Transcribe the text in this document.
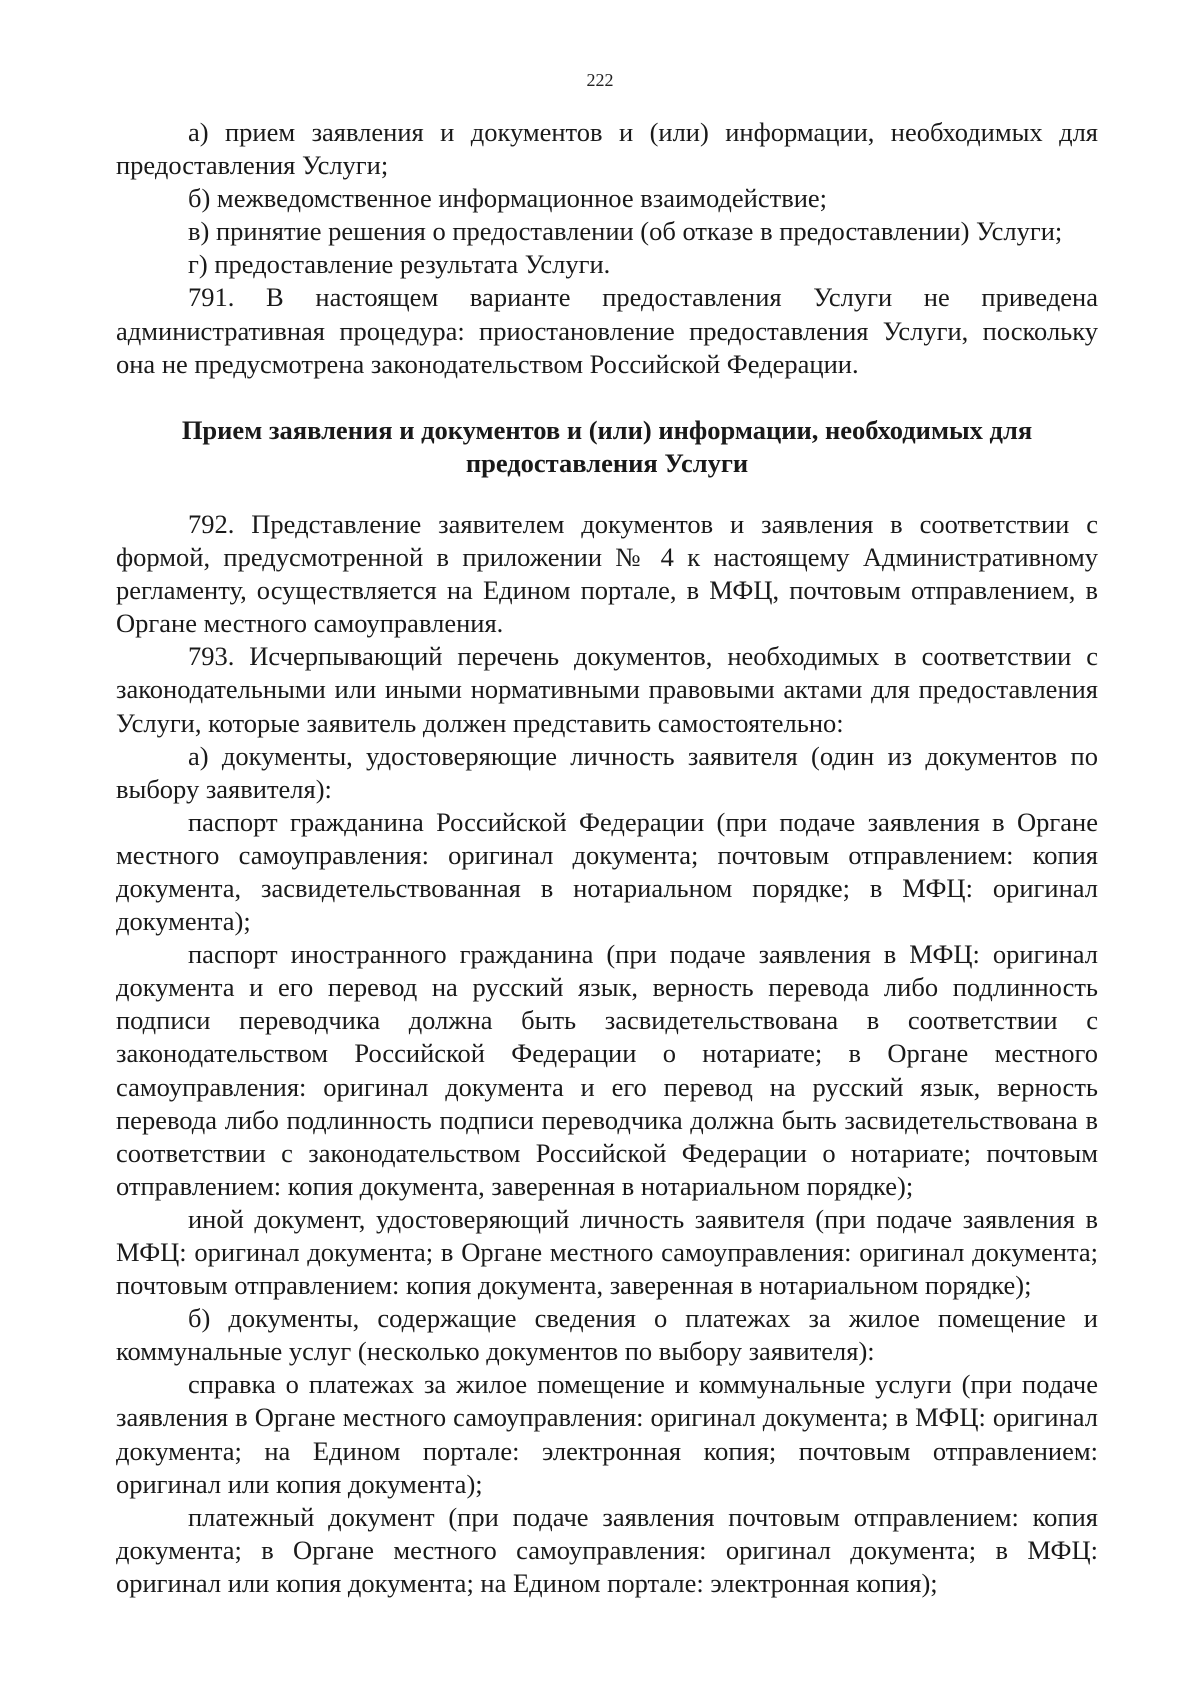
222

а) прием заявления и документов и (или) информации, необходимых для предоставления Услуги;

б) межведомственное информационное взаимодействие;

в) принятие решения о предоставлении (об отказе в предоставлении) Услуги;

г) предоставление результата Услуги.

791. В настоящем варианте предоставления Услуги не приведена административная процедура: приостановление предоставления Услуги, поскольку она не предусмотрена законодательством Российской Федерации.

Прием заявления и документов и (или) информации, необходимых для
предоставления Услуги

792. Представление заявителем документов и заявления в соответствии с формой, предусмотренной в приложении № 4 к настоящему Административному регламенту, осуществляется на Едином портале, в МФЦ, почтовым отправлением, в Органе местного самоуправления.

793. Исчерпывающий перечень документов, необходимых в соответствии с законодательными или иными нормативными правовыми актами для предоставления Услуги, которые заявитель должен представить самостоятельно:

а) документы, удостоверяющие личность заявителя (один из документов по выбору заявителя):

паспорт гражданина Российской Федерации (при подаче заявления в Органе местного самоуправления: оригинал документа; почтовым отправлением: копия документа, засвидетельствованная в нотариальном порядке; в МФЦ: оригинал документа);

паспорт иностранного гражданина (при подаче заявления в МФЦ: оригинал документа и его перевод на русский язык, верность перевода либо подлинность подписи переводчика должна быть засвидетельствована в соответствии с законодательством Российской Федерации о нотариате; в Органе местного самоуправления: оригинал документа и его перевод на русский язык, верность перевода либо подлинность подписи переводчика должна быть засвидетельствована в соответствии с законодательством Российской Федерации о нотариате; почтовым отправлением: копия документа, заверенная в нотариальном порядке);

иной документ, удостоверяющий личность заявителя (при подаче заявления в МФЦ: оригинал документа; в Органе местного самоуправления: оригинал документа; почтовым отправлением: копия документа, заверенная в нотариальном порядке);

б) документы, содержащие сведения о платежах за жилое помещение и коммунальные услуг (несколько документов по выбору заявителя):

справка о платежах за жилое помещение и коммунальные услуги (при подаче заявления в Органе местного самоуправления: оригинал документа; в МФЦ: оригинал документа; на Едином портале: электронная копия; почтовым отправлением: оригинал или копия документа);

платежный документ (при подаче заявления почтовым отправлением: копия документа; в Органе местного самоуправления: оригинал документа; в МФЦ: оригинал или копия документа; на Едином портале: электронная копия);
